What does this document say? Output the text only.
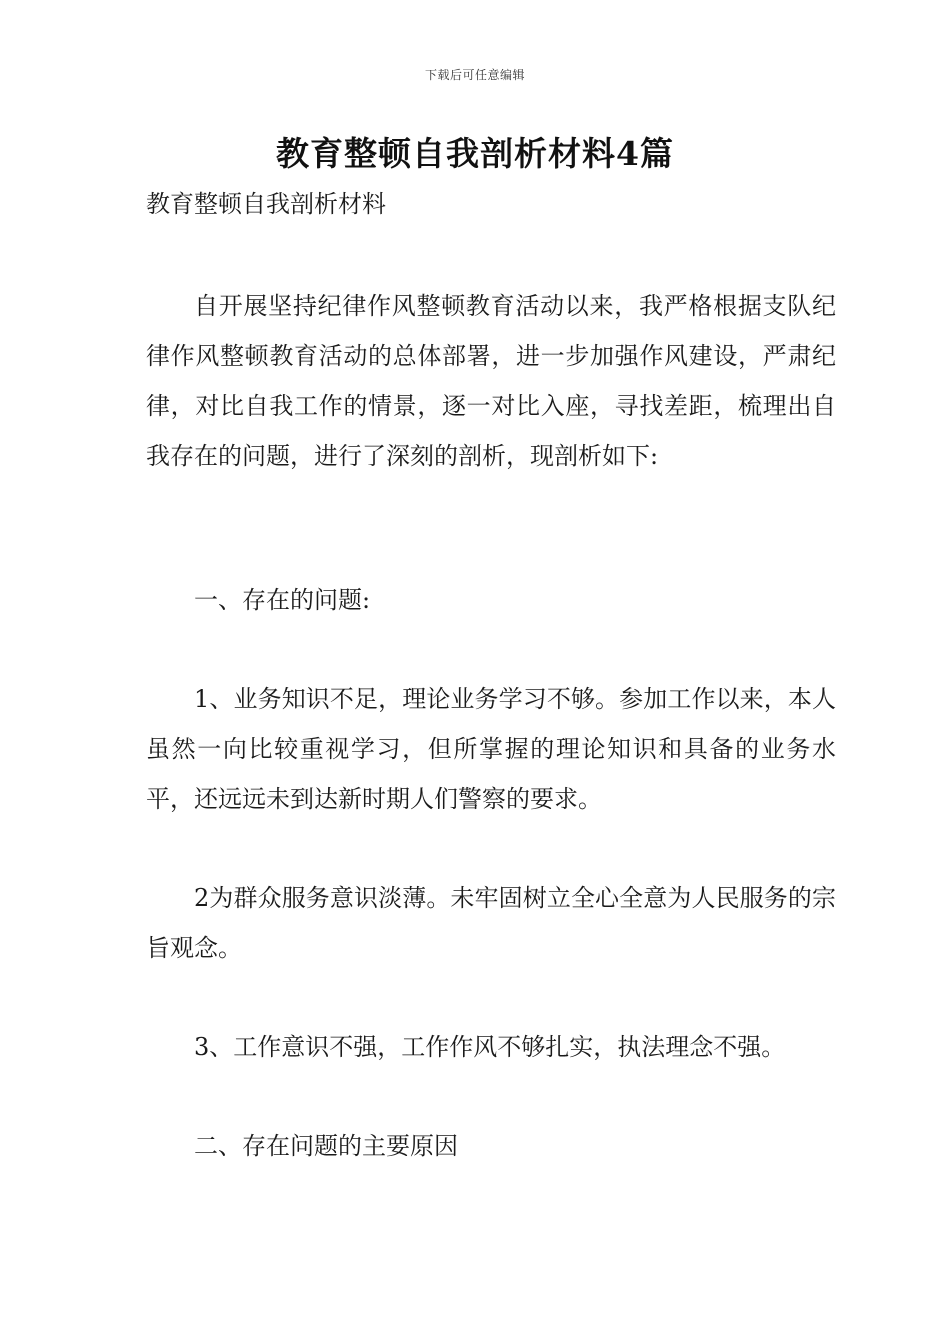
下载后可任意编辑
教育整顿自我剖析材料4篇

教育整顿自我剖析材料

自开展坚持纪律作风整顿教育活动以来，我严格根据支队纪律作风整顿教育活动的总体部署，进一步加强作风建设，严肃纪律，对比自我工作的情景，逐一对比入座，寻找差距，梳理出自我存在的问题，进行了深刻的剖析，现剖析如下:

一、存在的问题:

1、业务知识不足，理论业务学习不够。参加工作以来，本人虽然一向比较重视学习，但所掌握的理论知识和具备的业务水平，还远远未到达新时期人们警察的要求。

2为群众服务意识淡薄。未牢固树立全心全意为人民服务的宗旨观念。

3、工作意识不强，工作作风不够扎实，执法理念不强。

二、存在问题的主要原因
